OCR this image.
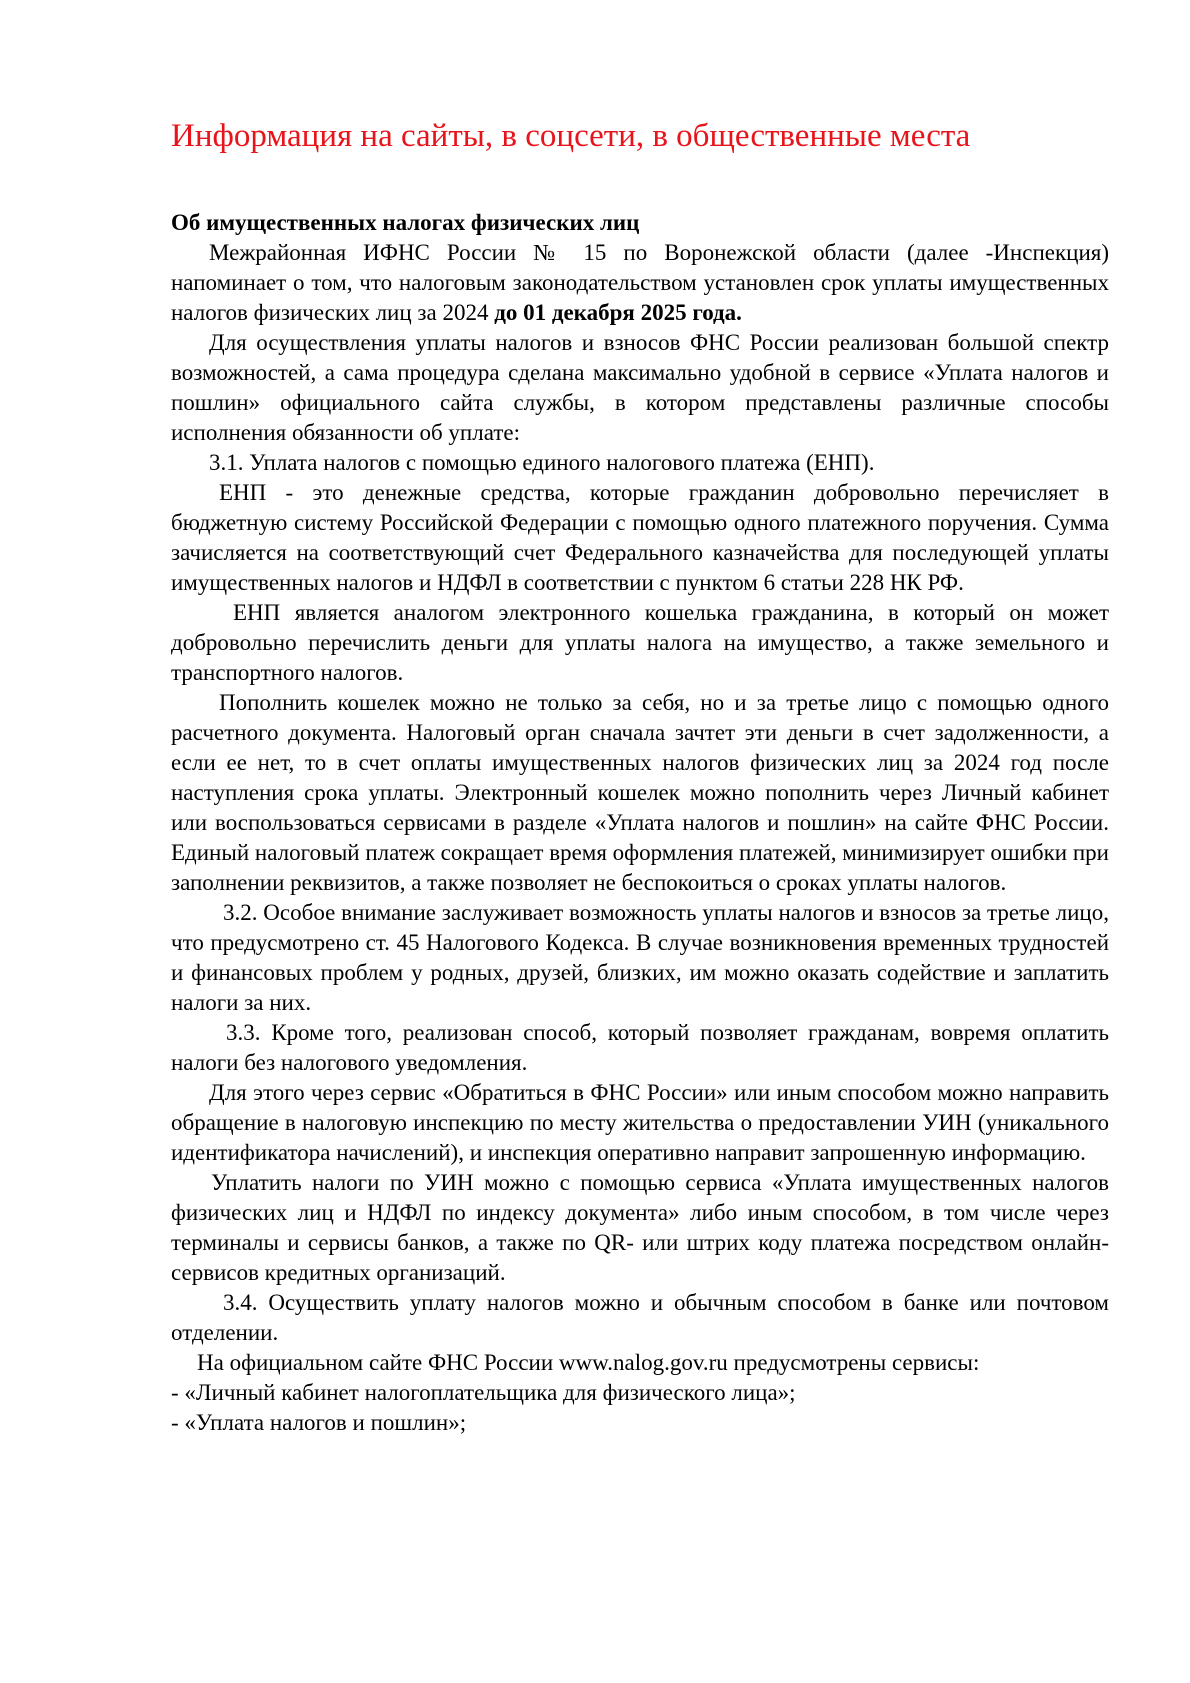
Информация на сайты, в соцсети, в общественные места

Об имущественных налогах физических лиц

Межрайонная ИФНС России № 15 по Воронежской области (далее -Инспекция) напоминает о том, что налоговым законодательством установлен срок уплаты имущественных налогов физических лиц за 2024 до 01 декабря 2025 года.

Для осуществления уплаты налогов и взносов ФНС России реализован большой спектр возможностей, а сама процедура сделана максимально удобной в сервисе «Уплата налогов и пошлин» официального сайта службы, в котором представлены различные способы исполнения обязанности об уплате:

3.1. Уплата налогов с помощью единого налогового платежа (ЕНП).

ЕНП - это денежные средства, которые гражданин добровольно перечисляет в бюджетную систему Российской Федерации с помощью одного платежного поручения. Сумма зачисляется на соответствующий счет Федерального казначейства для последующей уплаты имущественных налогов и НДФЛ в соответствии с пунктом 6 статьи 228 НК РФ.

ЕНП является аналогом электронного кошелька гражданина, в который он может добровольно перечислить деньги для уплаты налога на имущество, а также земельного и транспортного налогов.

Пополнить кошелек можно не только за себя, но и за третье лицо с помощью одного расчетного документа. Налоговый орган сначала зачтет эти деньги в счет задолженности, а если ее нет, то в счет оплаты имущественных налогов физических лиц за 2024 год после наступления срока уплаты. Электронный кошелек можно пополнить через Личный кабинет или воспользоваться сервисами в разделе «Уплата налогов и пошлин» на сайте ФНС России. Единый налоговый платеж сокращает время оформления платежей, минимизирует ошибки при заполнении реквизитов, а также позволяет не беспокоиться о сроках уплаты налогов.

3.2. Особое внимание заслуживает возможность уплаты налогов и взносов за третье лицо, что предусмотрено ст. 45 Налогового Кодекса. В случае возникновения временных трудностей и финансовых проблем у родных, друзей, близких, им можно оказать содействие и заплатить налоги за них.

3.3. Кроме того, реализован способ, который позволяет гражданам, вовремя оплатить налоги без налогового уведомления.

Для этого через сервис «Обратиться в ФНС России» или иным способом можно направить обращение в налоговую инспекцию по месту жительства о предоставлении УИН (уникального идентификатора начислений), и инспекция оперативно направит запрошенную информацию.

Уплатить налоги по УИН можно с помощью сервиса «Уплата имущественных налогов физических лиц и НДФЛ по индексу документа» либо иным способом, в том числе через терминалы и сервисы банков, а также по QR- или штрих коду платежа посредством онлайн-сервисов кредитных организаций.

3.4. Осуществить уплату налогов можно и обычным способом в банке или почтовом отделении.

На официальном сайте ФНС России www.nalog.gov.ru предусмотрены сервисы:

- «Личный кабинет налогоплательщика для физического лица»;

- «Уплата налогов и пошлин»;
